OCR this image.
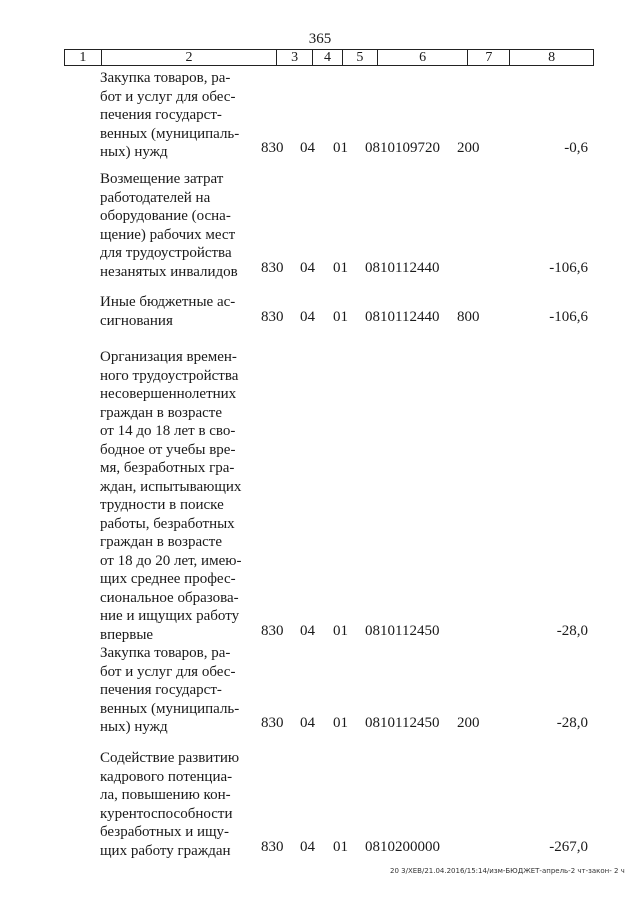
365
1	2	3	4	5	6	7	8
Закупка товаров, ра-
бот и услуг для обес-
печения государст-
венных (муниципаль-
ных) нужд	830 04 01 0810109720 200	-0,6
Возмещение затрат
работодателей на
оборудование (осна-
щение) рабочих мест
для трудоустройства
незанятых инвалидов	830 04 01 0810112440	-106,6
Иные бюджетные ас-
сигнования	830 04 01 0810112440 800	-106,6
Организация времен-
ного трудоустройства
несовершеннолетних
граждан в возрасте
от 14 до 18 лет в сво-
бодное от учебы вре-
мя, безработных гра-
ждан, испытывающих
трудности в поиске
работы, безработных
граждан в возрасте
от 18 до 20 лет, имею-
щих среднее профес-
сиональное образова-
ние и ищущих работу
впервые	830 04 01 0810112450	-28,0
Закупка товаров, ра-
бот и услуг для обес-
печения государст-
венных (муниципаль-
ных) нужд	830 04 01 0810112450 200	-28,0
Содействие развитию
кадрового потенциа-
ла, повышению кон-
курентоспособности
безработных и ищу-
щих работу граждан	830 04 01 0810200000	-267,0
20 3/ХЕВ/21.04.2016/15:14/изм-БЮДЖЕТ-апрель-2 чт-закон- 2 ч
